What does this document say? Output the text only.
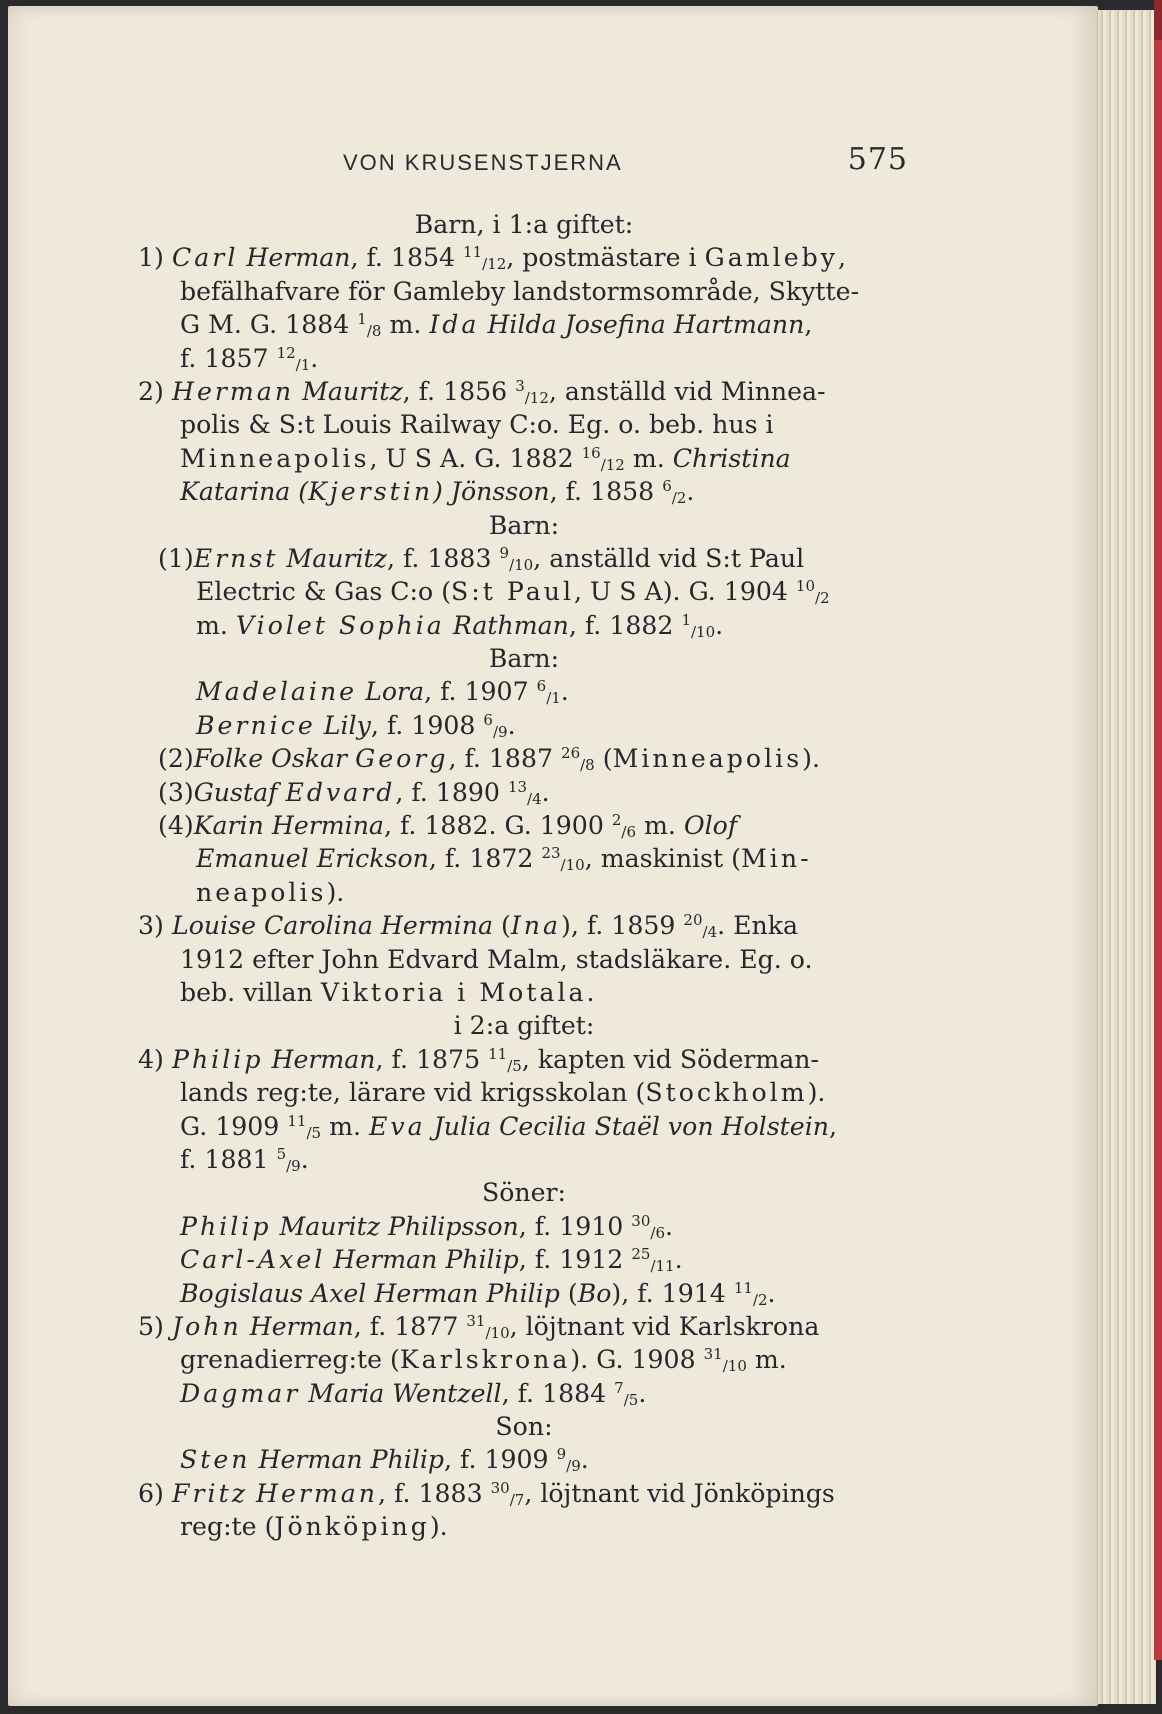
VON KRUSENSTJERNA	575
Barn, i 1:a giftet:
1) Carl Herman, f. 1854 $^{11}_{/12}$, postmästare i Gamleby,
befälhafvare för Gamleby landstormsområde, Skytte-
G M. G. 1884 $^1_{/8}$ m. Ida Hilda Josefina Hartmann,
f. 1857 $^{12}_{/1}$.
2) Herman Mauritz, f. 1856 $^3_{/12}$, anställd vid Minnea-
polis & S:t Louis Railway C:o. Eg. o. beb. hus i
Minneapolis, U S A. G. 1882 $^{16}_{/12}$ m. Christina
Katarina (Kjerstin) Jönsson, f. 1858 $^6_{/2}$.
Barn:
(1)Ernst Mauritz, f. 1883 $^9_{/10}$, anställd vid S:t Paul
Electric & Gas C:o (S:t Paul, U S A). G. 1904 $^{10}_{/2}$
m. Violet Sophia Rathman, f. 1882 $^1_{/10}$.
Barn:
Madelaine Lora, f. 1907 $^6_{/1}$.
Bernice Lily, f. 1908 $^6_{/9}$.
(2)Folke Oskar Georg, f. 1887 $^{26}_{/8}$ (Minneapolis).
(3)Gustaf Edvard, f. 1890 $^{13}_{/4}$.
(4)Karin Hermina, f. 1882. G. 1900 $^2_{/6}$ m. Olof
Emanuel Erickson, f. 1872 $^{23}_{/10}$, maskinist (Min-
neapolis).
3) Louise Carolina Hermina (Ina), f. 1859 $^{20}_{/4}$. Enka
1912 efter John Edvard Malm, stadsläkare. Eg. o.
beb. villan Viktoria i Motala.
i 2:a giftet:
4) Philip Herman, f. 1875 $^{11}_{/5}$, kapten vid Söderman-
lands reg:te, lärare vid krigsskolan (Stockholm).
G. 1909 $^{11}_{/5}$ m. Eva Julia Cecilia Staël von Holstein,
f. 1881 $^5_{/9}$.
Söner:
Philip Mauritz Philipsson, f. 1910 $^{30}_{/6}$.
Carl-Axel Herman Philip, f. 1912 $^{25}_{/11}$.
Bogislaus Axel Herman Philip (Bo), f. 1914 $^{11}_{/2}$.
5) John Herman, f. 1877 $^{31}_{/10}$, löjtnant vid Karlskrona
grenadierreg:te (Karlskrona). G. 1908 $^{31}_{/10}$ m.
Dagmar Maria Wentzell, f. 1884 $^7_{/5}$.
Son:
Sten Herman Philip, f. 1909 $^9_{/9}$.
6) Fritz Herman, f. 1883 $^{30}_{/7}$, löjtnant vid Jönköpings
reg:te (Jönköping).
